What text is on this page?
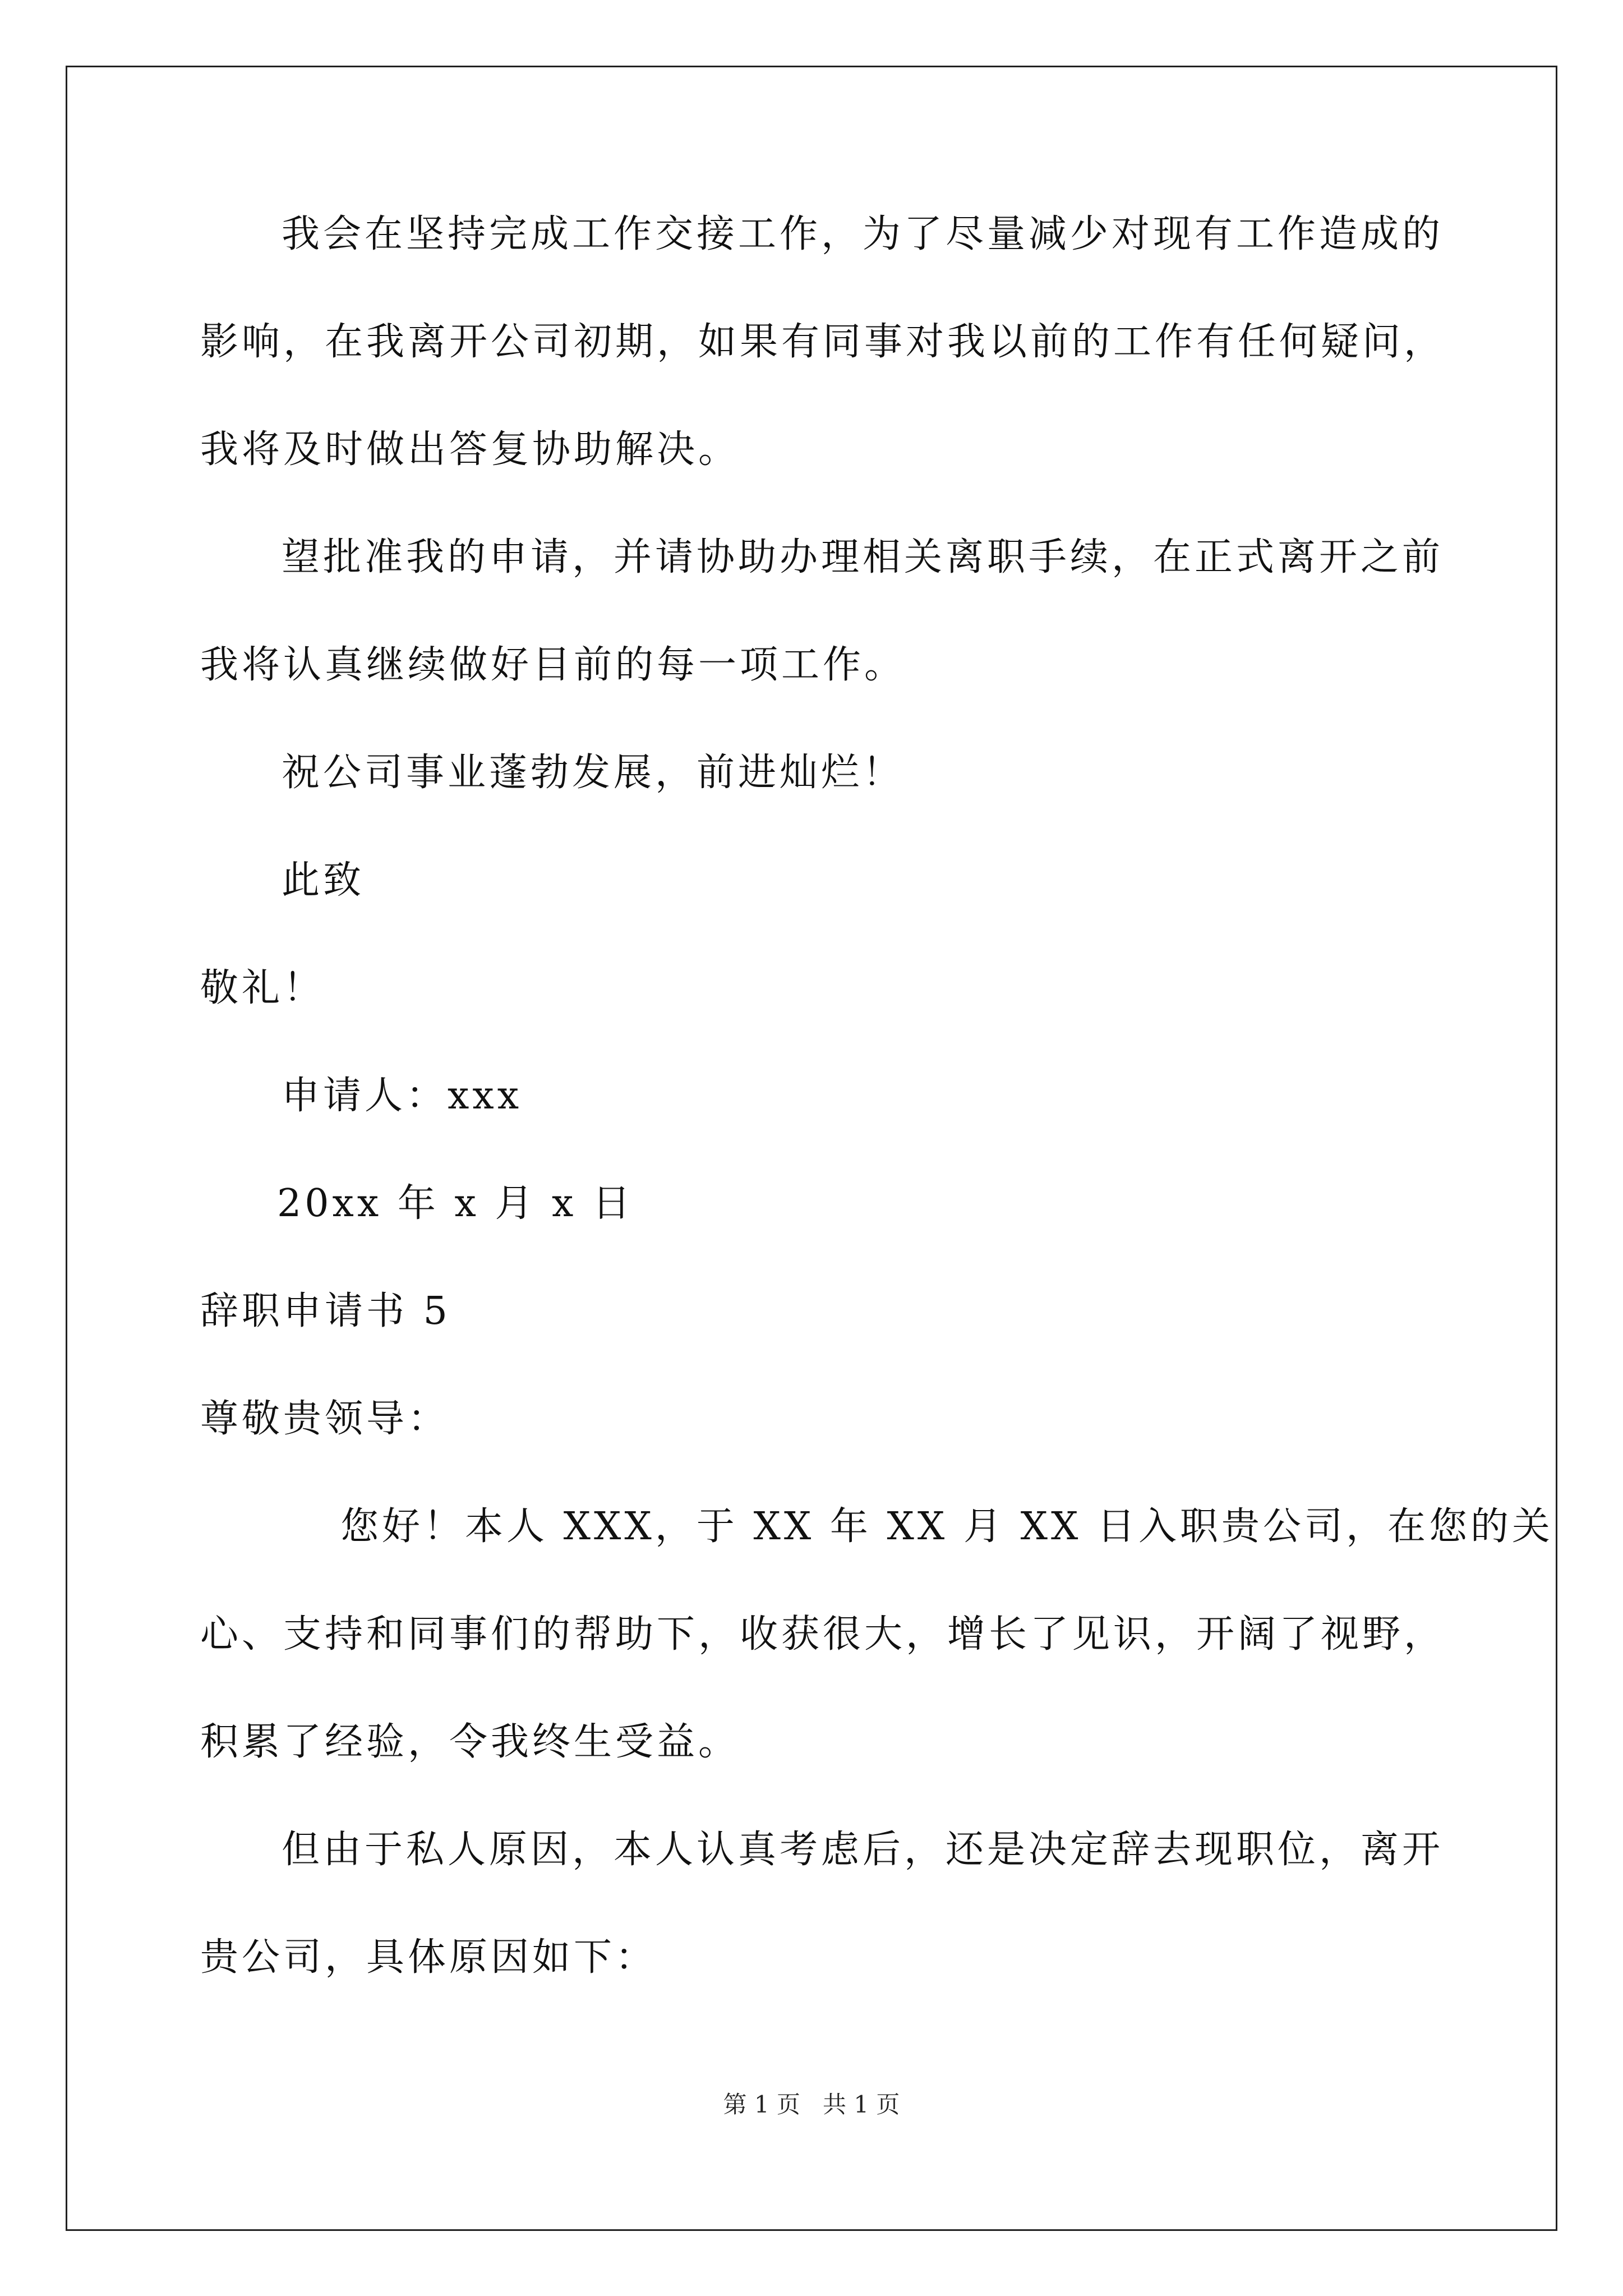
我会在坚持完成工作交接工作，为了尽量减少对现有工作造成的
影响，在我离开公司初期，如果有同事对我以前的工作有任何疑问，
我将及时做出答复协助解决。
望批准我的申请，并请协助办理相关离职手续，在正式离开之前
我将认真继续做好目前的每一项工作。
祝公司事业蓬勃发展，前进灿烂！
此致
敬礼！
申请人：xxx
20xx 年 x 月 x 日
辞职申请书 5
尊敬贵领导：
您好！本人 XXX，于 XX 年 XX 月 XX 日入职贵公司，在您的关
心、支持和同事们的帮助下，收获很大，增长了见识，开阔了视野，
积累了经验，令我终生受益。
但由于私人原因，本人认真考虑后，还是决定辞去现职位，离开
贵公司，具体原因如下：
第 1 页 共 1 页
